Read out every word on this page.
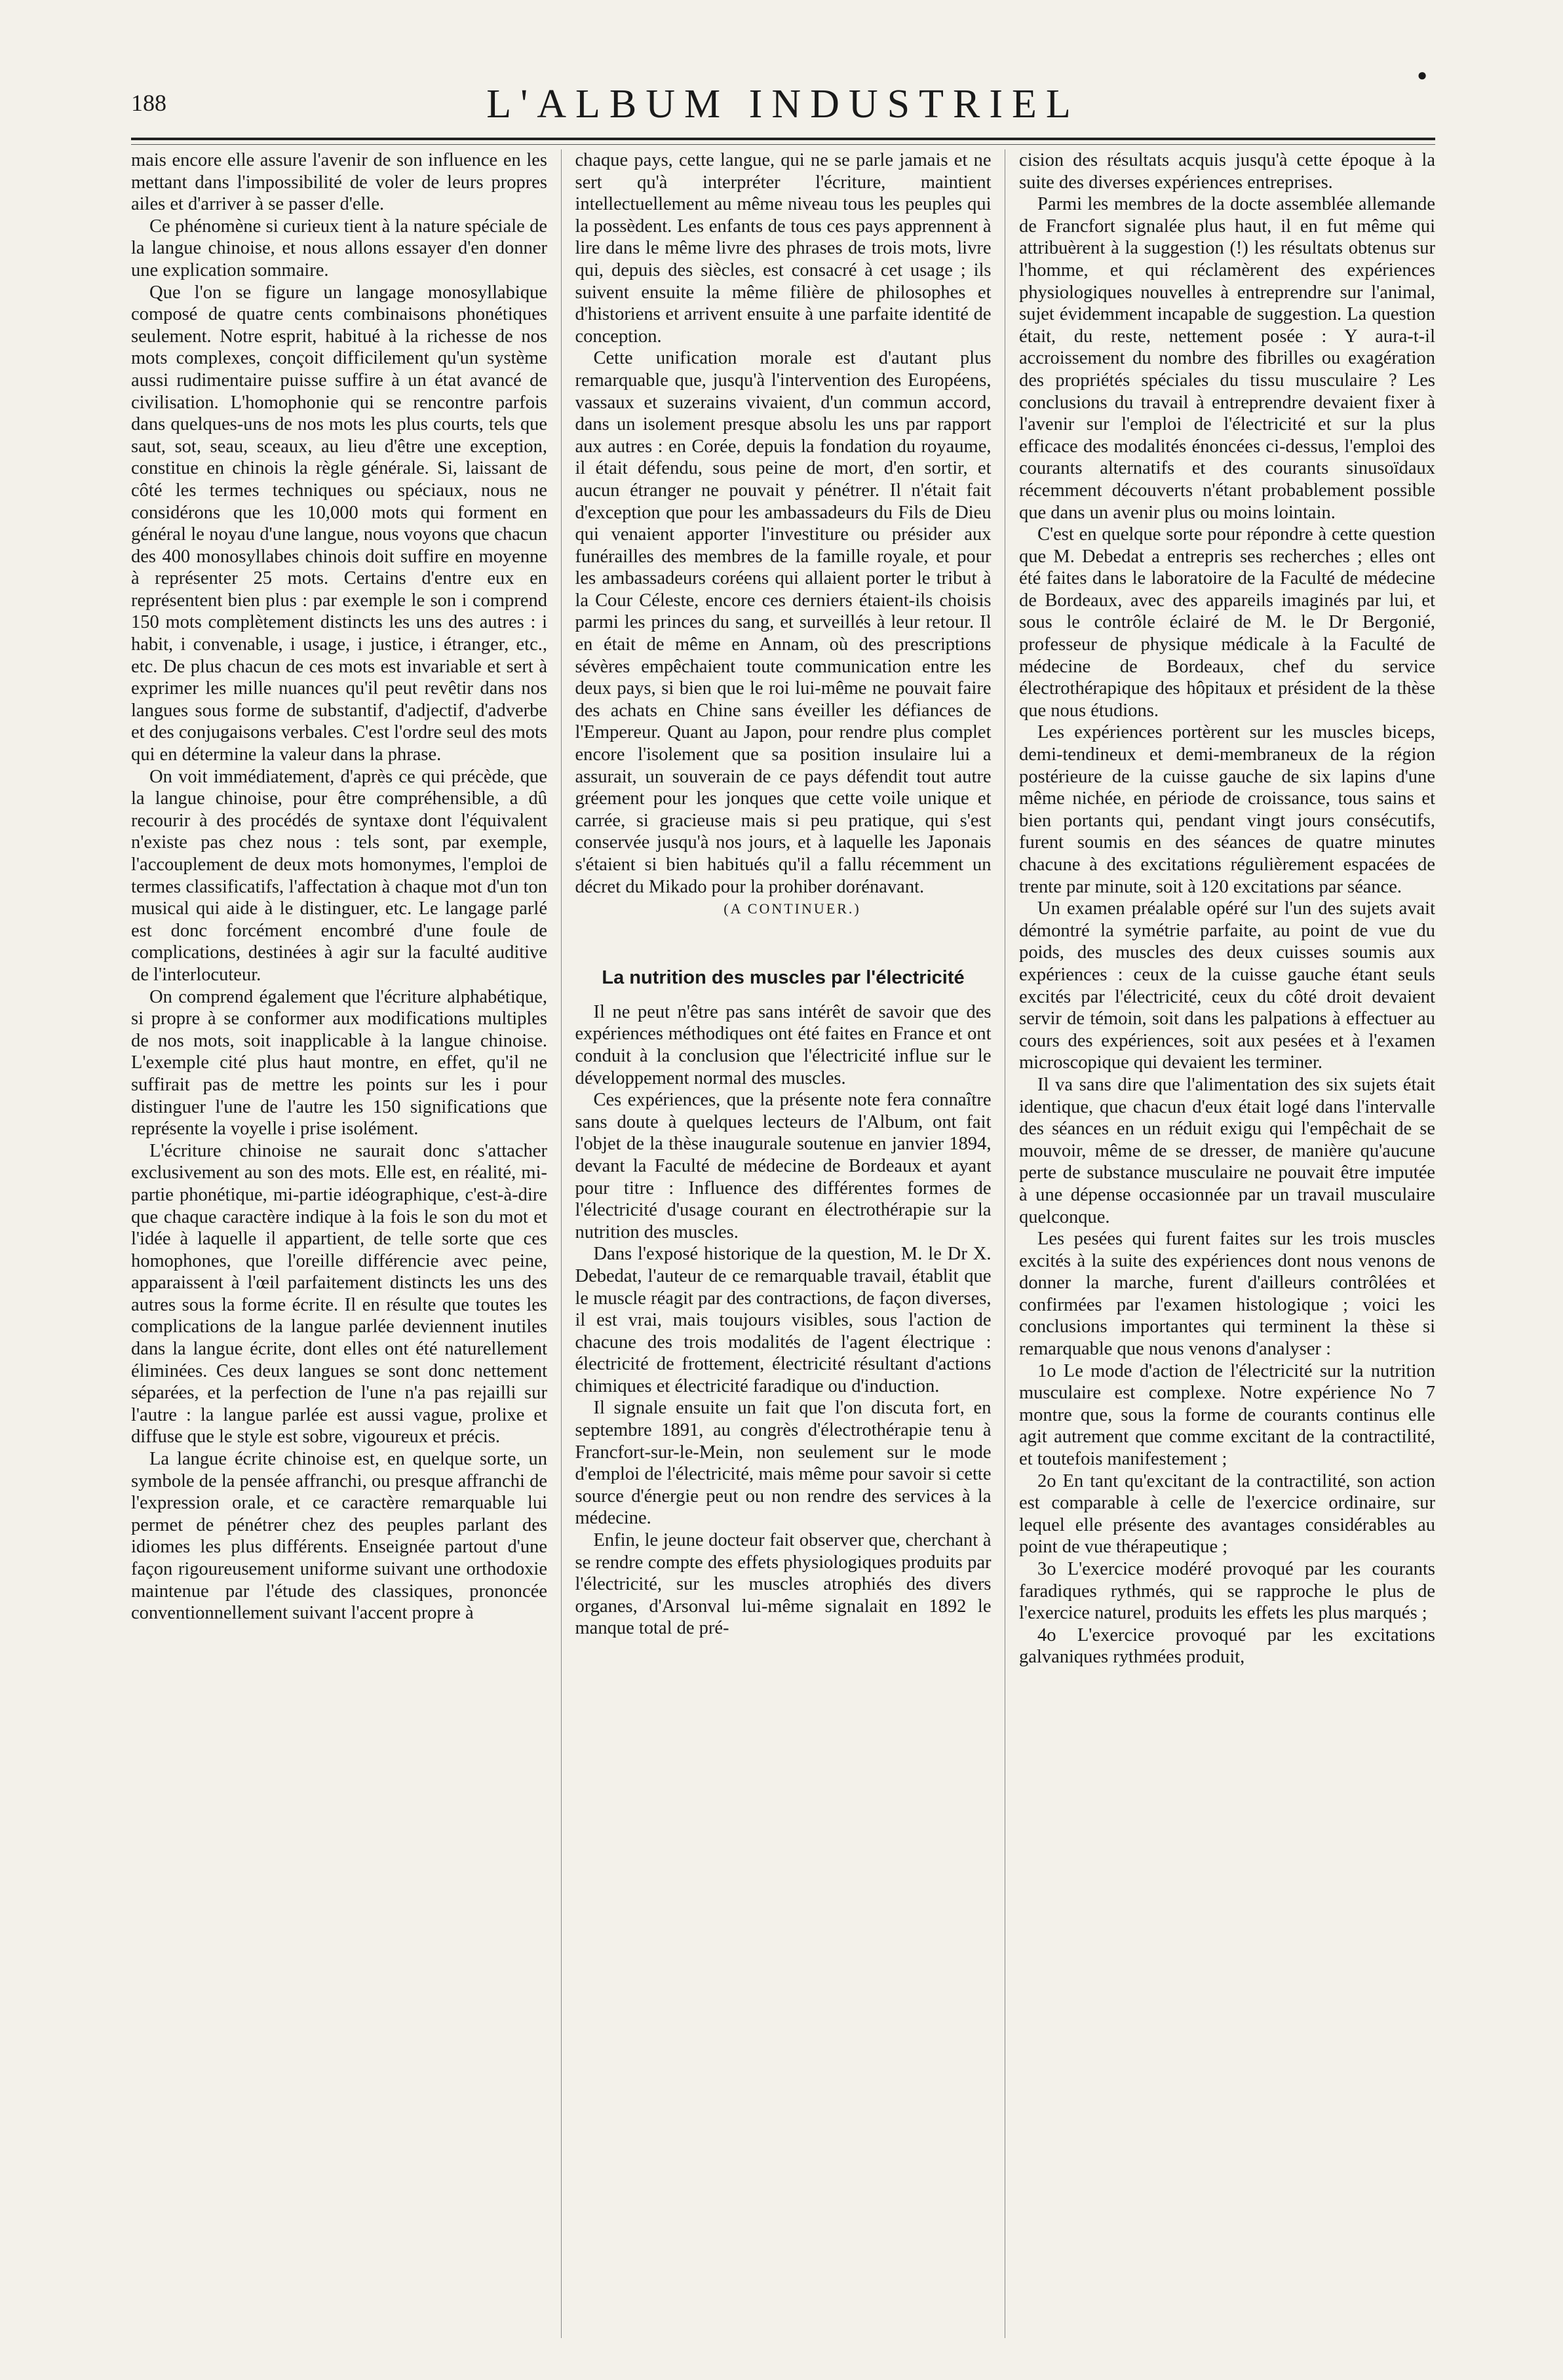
●
188	L'ALBUM INDUSTRIEL

mais encore elle assure l'avenir de son influence en les mettant dans l'impossibilité de voler de leurs propres ailes et d'arriver à se passer d'elle.

Ce phénomène si curieux tient à la nature spéciale de la langue chinoise, et nous allons essayer d'en donner une explication sommaire.

Que l'on se figure un langage monosyllabique composé de quatre cents combinaisons phonétiques seulement. Notre esprit, habitué à la richesse de nos mots complexes, conçoit difficilement qu'un système aussi rudimentaire puisse suffire à un état avancé de civilisation. L'homophonie qui se rencontre parfois dans quelques-uns de nos mots les plus courts, tels que saut, sot, seau, sceaux, au lieu d'être une exception, constitue en chinois la règle générale. Si, laissant de côté les termes techniques ou spéciaux, nous ne considérons que les 10,000 mots qui forment en général le noyau d'une langue, nous voyons que chacun des 400 monosyllabes chinois doit suffire en moyenne à représenter 25 mots. Certains d'entre eux en représentent bien plus : par exemple le son i comprend 150 mots complètement distincts les uns des autres : i habit, i convenable, i usage, i justice, i étranger, etc., etc. De plus chacun de ces mots est invariable et sert à exprimer les mille nuances qu'il peut revêtir dans nos langues sous forme de substantif, d'adjectif, d'adverbe et des conjugaisons verbales. C'est l'ordre seul des mots qui en détermine la valeur dans la phrase.

On voit immédiatement, d'après ce qui précède, que la langue chinoise, pour être compréhensible, a dû recourir à des procédés de syntaxe dont l'équivalent n'existe pas chez nous : tels sont, par exemple, l'accouplement de deux mots homonymes, l'emploi de termes classificatifs, l'affectation à chaque mot d'un ton musical qui aide à le distinguer, etc. Le langage parlé est donc forcément encombré d'une foule de complications, destinées à agir sur la faculté auditive de l'interlocuteur.

On comprend également que l'écriture alphabétique, si propre à se conformer aux modifications multiples de nos mots, soit inapplicable à la langue chinoise. L'exemple cité plus haut montre, en effet, qu'il ne suffirait pas de mettre les points sur les i pour distinguer l'une de l'autre les 150 significations que représente la voyelle i prise isolément.

L'écriture chinoise ne saurait donc s'attacher exclusivement au son des mots. Elle est, en réalité, mi-partie phonétique, mi-partie idéographique, c'est-à-dire que chaque caractère indique à la fois le son du mot et l'idée à laquelle il appartient, de telle sorte que ces homophones, que l'oreille différencie avec peine, apparaissent à l'œil parfaitement distincts les uns des autres sous la forme écrite. Il en résulte que toutes les complications de la langue parlée deviennent inutiles dans la langue écrite, dont elles ont été naturellement éliminées. Ces deux langues se sont donc nettement séparées, et la perfection de l'une n'a pas rejailli sur l'autre : la langue parlée est aussi vague, prolixe et diffuse que le style est sobre, vigoureux et précis.

La langue écrite chinoise est, en quelque sorte, un symbole de la pensée affranchi, ou presque affranchi de l'expression orale, et ce caractère remarquable lui permet de pénétrer chez des peuples parlant des idiomes les plus différents. Enseignée partout d'une façon rigoureusement uniforme suivant une orthodoxie maintenue par l'étude des classiques, prononcée conventionnellement suivant l'accent propre à

chaque pays, cette langue, qui ne se parle jamais et ne sert qu'à interpréter l'écriture, maintient intellectuellement au même niveau tous les peuples qui la possèdent. Les enfants de tous ces pays apprennent à lire dans le même livre des phrases de trois mots, livre qui, depuis des siècles, est consacré à cet usage ; ils suivent ensuite la même filière de philosophes et d'historiens et arrivent ensuite à une parfaite identité de conception.

Cette unification morale est d'autant plus remarquable que, jusqu'à l'intervention des Européens, vassaux et suzerains vivaient, d'un commun accord, dans un isolement presque absolu les uns par rapport aux autres : en Corée, depuis la fondation du royaume, il était défendu, sous peine de mort, d'en sortir, et aucun étranger ne pouvait y pénétrer. Il n'était fait d'exception que pour les ambassadeurs du Fils de Dieu qui venaient apporter l'investiture ou présider aux funérailles des membres de la famille royale, et pour les ambassadeurs coréens qui allaient porter le tribut à la Cour Céleste, encore ces derniers étaient-ils choisis parmi les princes du sang, et surveillés à leur retour. Il en était de même en Annam, où des prescriptions sévères empêchaient toute communication entre les deux pays, si bien que le roi lui-même ne pouvait faire des achats en Chine sans éveiller les défiances de l'Empereur. Quant au Japon, pour rendre plus complet encore l'isolement que sa position insulaire lui a assurait, un souverain de ce pays défendit tout autre gréement pour les jonques que cette voile unique et carrée, si gracieuse mais si peu pratique, qui s'est conservée jusqu'à nos jours, et à laquelle les Japonais s'étaient si bien habitués qu'il a fallu récemment un décret du Mikado pour la prohiber dorénavant.

(A CONTINUER.)

La nutrition des muscles par l'électricité

Il ne peut n'être pas sans intérêt de savoir que des expériences méthodiques ont été faites en France et ont conduit à la conclusion que l'électricité influe sur le développement normal des muscles.

Ces expériences, que la présente note fera connaître sans doute à quelques lecteurs de l'Album, ont fait l'objet de la thèse inaugurale soutenue en janvier 1894, devant la Faculté de médecine de Bordeaux et ayant pour titre : Influence des différentes formes de l'électricité d'usage courant en électrothérapie sur la nutrition des muscles.

Dans l'exposé historique de la question, M. le Dr X. Debedat, l'auteur de ce remarquable travail, établit que le muscle réagit par des contractions, de façon diverses, il est vrai, mais toujours visibles, sous l'action de chacune des trois modalités de l'agent électrique : électricité de frottement, électricité résultant d'actions chimiques et électricité faradique ou d'induction.

Il signale ensuite un fait que l'on discuta fort, en septembre 1891, au congrès d'électrothérapie tenu à Francfort-sur-le-Mein, non seulement sur le mode d'emploi de l'électricité, mais même pour savoir si cette source d'énergie peut ou non rendre des services à la médecine.

Enfin, le jeune docteur fait observer que, cherchant à se rendre compte des effets physiologiques produits par l'électricité, sur les muscles atrophiés des divers organes, d'Arsonval lui-même signalait en 1892 le manque total de pré-

cision des résultats acquis jusqu'à cette époque à la suite des diverses expériences entreprises.

Parmi les membres de la docte assemblée allemande de Francfort signalée plus haut, il en fut même qui attribuèrent à la suggestion (!) les résultats obtenus sur l'homme, et qui réclamèrent des expériences physiologiques nouvelles à entreprendre sur l'animal, sujet évidemment incapable de suggestion. La question était, du reste, nettement posée : Y aura-t-il accroissement du nombre des fibrilles ou exagération des propriétés spéciales du tissu musculaire ? Les conclusions du travail à entreprendre devaient fixer à l'avenir sur l'emploi de l'électricité et sur la plus efficace des modalités énoncées ci-dessus, l'emploi des courants alternatifs et des courants sinusoïdaux récemment découverts n'étant probablement possible que dans un avenir plus ou moins lointain.

C'est en quelque sorte pour répondre à cette question que M. Debedat a entrepris ses recherches ; elles ont été faites dans le laboratoire de la Faculté de médecine de Bordeaux, avec des appareils imaginés par lui, et sous le contrôle éclairé de M. le Dr Bergonié, professeur de physique médicale à la Faculté de médecine de Bordeaux, chef du service électrothérapique des hôpitaux et président de la thèse que nous étudions.

Les expériences portèrent sur les muscles biceps, demi-tendineux et demi-membraneux de la région postérieure de la cuisse gauche de six lapins d'une même nichée, en période de croissance, tous sains et bien portants qui, pendant vingt jours consécutifs, furent soumis en des séances de quatre minutes chacune à des excitations régulièrement espacées de trente par minute, soit à 120 excitations par séance.

Un examen préalable opéré sur l'un des sujets avait démontré la symétrie parfaite, au point de vue du poids, des muscles des deux cuisses soumis aux expériences : ceux de la cuisse gauche étant seuls excités par l'électricité, ceux du côté droit devaient servir de témoin, soit dans les palpations à effectuer au cours des expériences, soit aux pesées et à l'examen microscopique qui devaient les terminer.

Il va sans dire que l'alimentation des six sujets était identique, que chacun d'eux était logé dans l'intervalle des séances en un réduit exigu qui l'empêchait de se mouvoir, même de se dresser, de manière qu'aucune perte de substance musculaire ne pouvait être imputée à une dépense occasionnée par un travail musculaire quelconque.

Les pesées qui furent faites sur les trois muscles excités à la suite des expériences dont nous venons de donner la marche, furent d'ailleurs contrôlées et confirmées par l'examen histologique ; voici les conclusions importantes qui terminent la thèse si remarquable que nous venons d'analyser :

1o Le mode d'action de l'électricité sur la nutrition musculaire est complexe. Notre expérience No 7 montre que, sous la forme de courants continus elle agit autrement que comme excitant de la contractilité, et toutefois manifestement ;

2o En tant qu'excitant de la contractilité, son action est comparable à celle de l'exercice ordinaire, sur lequel elle présente des avantages considérables au point de vue thérapeutique ;

3o L'exercice modéré provoqué par les courants faradiques rythmés, qui se rapproche le plus de l'exercice naturel, produits les effets les plus marqués ;

4o L'exercice provoqué par les excitations galvaniques rythmées produit,
